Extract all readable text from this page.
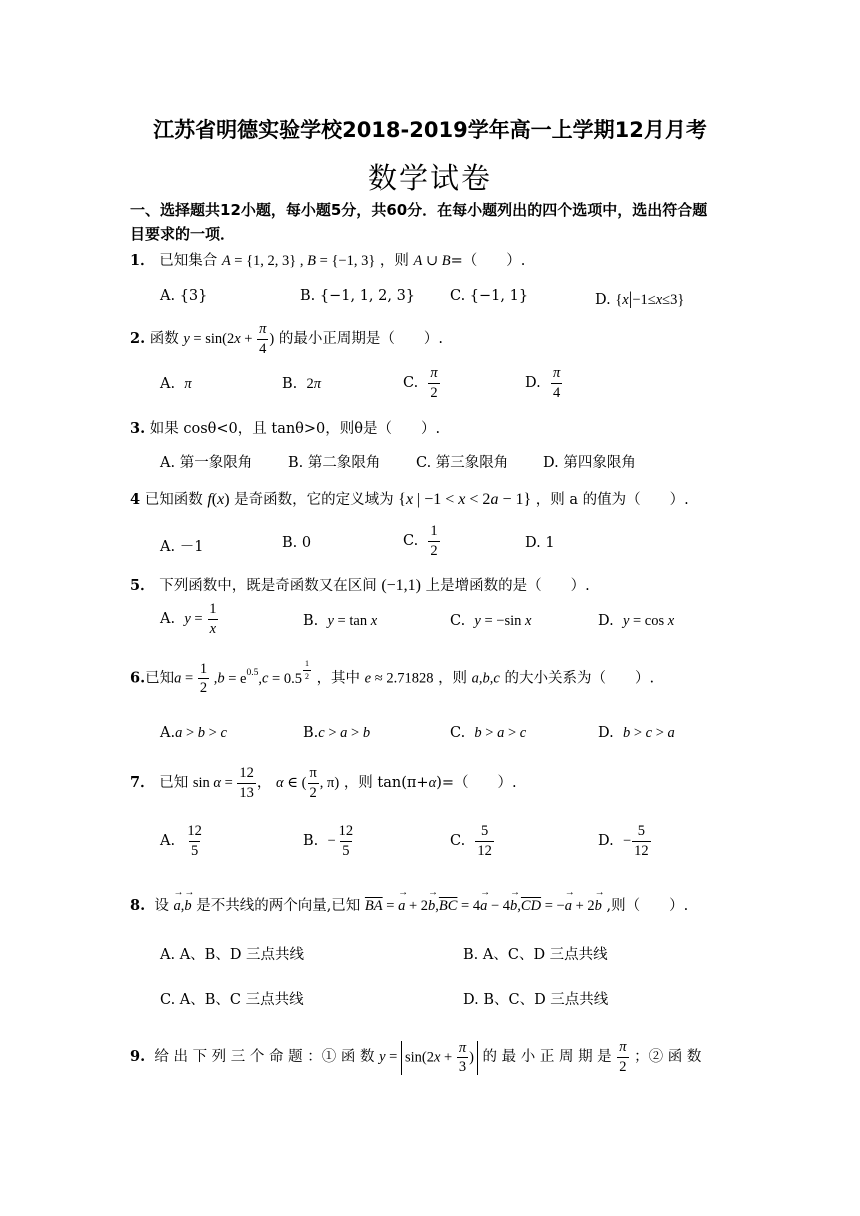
江苏省明德实验学校2018-2019学年高一上学期12月月考
数学试卷
一、选择题共12小题，每小题5分，共60分．在每小题列出的四个选项中，选出符合题
目要求的一项．
1． 已知集合 A = {1, 2, 3} , B = {−1, 3} ，则 A ∪ B=（　　）.
A. {3}	B. {−1, 1, 2, 3} C. {−1, 1}	D. {x|−1≤x≤3}
2. 函数 $y = \sin(2x + \frac{\pi}{4}$ ) 的最小正周期是（　　）.
A. π	B. 2π	C. $\frac{\pi}{2}$	D. $\frac{\pi}{4}$
3. 如果 cosθ<0，且 tanθ>0，则θ是（　　）.
A. 第一象限角 B. 第二象限角 C. 第三象限角 D. 第四象限角
4 已知函数 f(x) 是奇函数，它的定义域为 {x | −1 < x < 2a − 1} ，则 a 的值为（　　）.
A. －1	B. 0	C. $\frac{1}{2}$	D. 1
5． 下列函数中，既是奇函数又在区间 (−1,1) 上是增函数的是（　　）.
A. $y = \frac{1}{x}$	B. y = tan x	C. y = −sin x	D. y = cos x
6.已知$a = \frac{1}{2} ,b = e^{0.5},c = 0.5$ $^{\frac{1}{2}}$ ，其中 e ≈ 2.71828 ，则 a,b,c 的大小关系为（　　）.
A.a > b > c	B.c > a > b	C. b > a > c	D. b > c > a
7． 已知 $\sin \alpha = \frac{12}{13}$ ， α ∈ ( $\frac{\pi}{2}$ , π) ，则 tan(π+α)=（　　）.
A. $\frac{12}{5}$	B. − $\frac{12}{5}$	C. $\frac{5}{12}$	D. − $\frac{5}{12}$
8. 设 → a,→ b 是不共线的两个向量,已知 $\overline{BA}$ = → $a + 2\to b,\overline{BC} = 4\to a - 4\to b,\overline{CD}$ = −→ a + 2→ b ,则（　　）.
A. A、B、D 三点共线	B. A、C、D 三点共线
C. A、B、C 三点共线	D. B、C、D 三点共线
9. 给 出 下 列 三 个 命 题 ：① 函 数 $y = \sin(2x + \frac{\pi}{3}$ ) 的 最 小 正 周 期 是 $\frac{\pi}{2}$ ；② 函 数
